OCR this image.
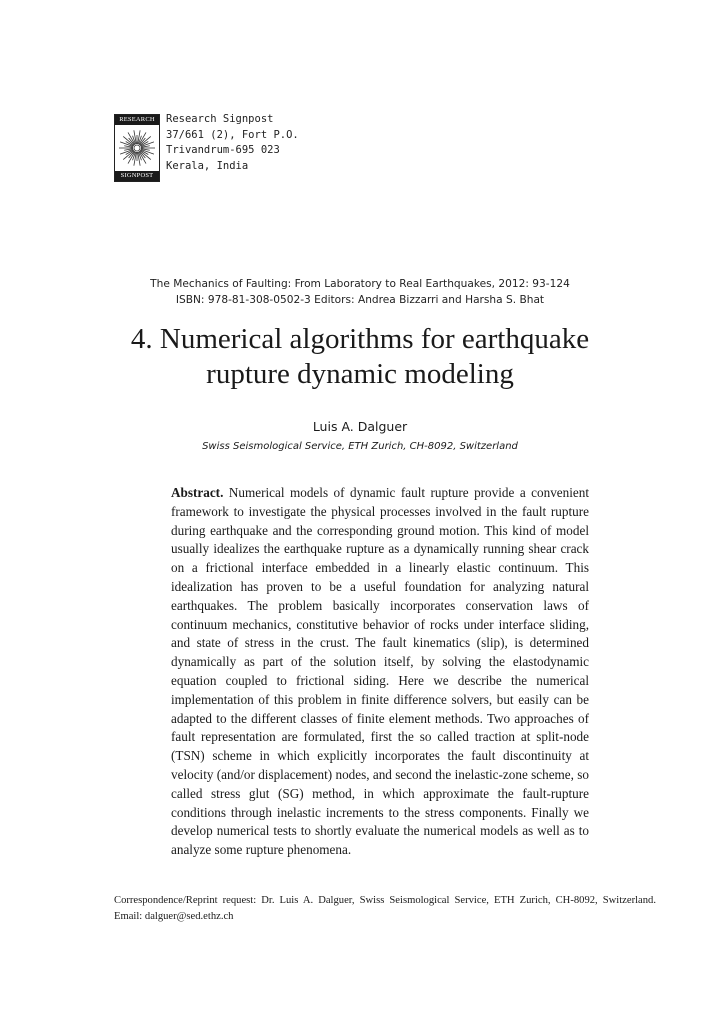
RESEARCH
SIGNPOST
Research Signpost
37/661 (2), Fort P.O.
Trivandrum-695 023
Kerala, India
The Mechanics of Faulting: From Laboratory to Real Earthquakes, 2012: 93-124
ISBN: 978-81-308-0502-3 Editors: Andrea Bizzarri and Harsha S. Bhat
4. Numerical algorithms for earthquake
rupture dynamic modeling
Luis A. Dalguer
Swiss Seismological Service, ETH Zurich, CH-8092, Switzerland
Abstract. Numerical models of dynamic fault rupture provide a convenient framework to investigate the physical processes involved in the fault rupture during earthquake and the corresponding ground motion. This kind of model usually idealizes the earthquake rupture as a dynamically running shear crack on a frictional interface embedded in a linearly elastic continuum. This idealization has proven to be a useful foundation for analyzing natural earthquakes. The problem basically incorporates conservation laws of continuum mechanics, constitutive behavior of rocks under interface sliding, and state of stress in the crust. The fault kinematics (slip), is determined dynamically as part of the solution itself, by solving the elastodynamic equation coupled to frictional siding. Here we describe the numerical implementation of this problem in finite difference solvers, but easily can be adapted to the different classes of finite element methods. Two approaches of fault representation are formulated, first the so called traction at split-node (TSN) scheme in which explicitly incorporates the fault discontinuity at velocity (and/or displacement) nodes, and second the inelastic-zone scheme, so called stress glut (SG) method, in which approximate the fault-rupture conditions through inelastic increments to the stress components. Finally we develop numerical tests to shortly evaluate the numerical models as well as to analyze some rupture phenomena.
Correspondence/Reprint request: Dr. Luis A. Dalguer, Swiss Seismological Service, ETH Zurich, CH-8092, Switzerland. Email: dalguer@sed.ethz.ch
